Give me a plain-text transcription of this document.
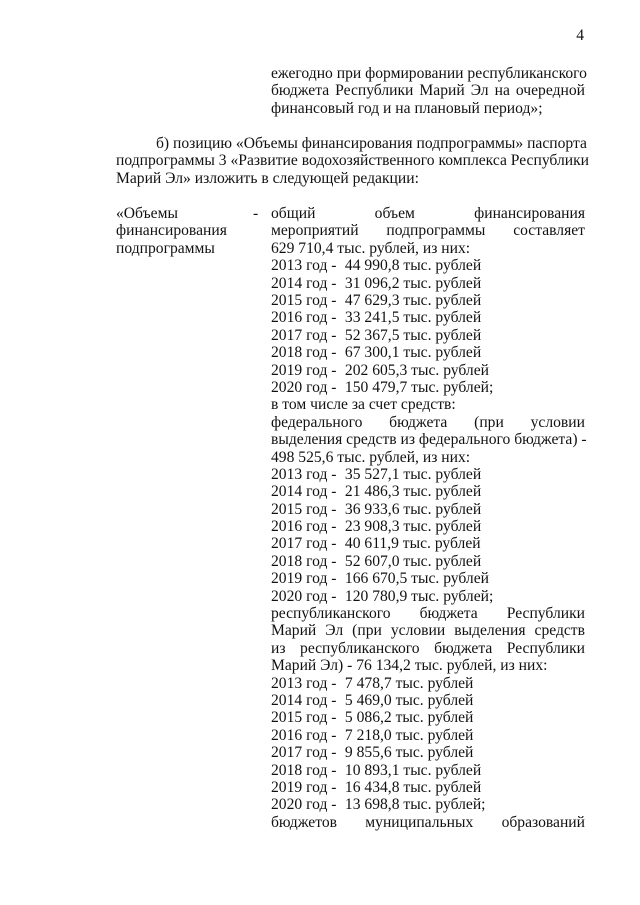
4
ежегодно при формировании республиканского
бюджета Республики Марий Эл на очередной
финансовый год и на плановый период»;
б) позицию «Объемы финансирования подпрограммы» паспорта
подпрограммы 3 «Развитие водохозяйственного комплекса Республики
Марий Эл» изложить в следующей редакции:
«Объемы
финансирования
подпрограммы
- общий объем финансирования
мероприятий подпрограммы составляет
629 710,4 тыс. рублей, из них:
2013 год - 44 990,8 тыс. рублей
2014 год - 31 096,2 тыс. рублей
2015 год - 47 629,3 тыс. рублей
2016 год - 33 241,5 тыс. рублей
2017 год - 52 367,5 тыс. рублей
2018 год - 67 300,1 тыс. рублей
2019 год - 202 605,3 тыс. рублей
2020 год - 150 479,7 тыс. рублей;
в том числе за счет средств:
федерального бюджета (при условии
выделения средств из федерального бюджета) -
498 525,6 тыс. рублей, из них:
2013 год - 35 527,1 тыс. рублей
2014 год - 21 486,3 тыс. рублей
2015 год - 36 933,6 тыс. рублей
2016 год - 23 908,3 тыс. рублей
2017 год - 40 611,9 тыс. рублей
2018 год - 52 607,0 тыс. рублей
2019 год - 166 670,5 тыс. рублей
2020 год - 120 780,9 тыс. рублей;
республиканского бюджета Республики
Марий Эл (при условии выделения средств
из республиканского бюджета Республики
Марий Эл) - 76 134,2 тыс. рублей, из них:
2013 год - 7 478,7 тыс. рублей
2014 год - 5 469,0 тыс. рублей
2015 год - 5 086,2 тыс. рублей
2016 год - 7 218,0 тыс. рублей
2017 год - 9 855,6 тыс. рублей
2018 год - 10 893,1 тыс. рублей
2019 год - 16 434,8 тыс. рублей
2020 год - 13 698,8 тыс. рублей;
бюджетов муниципальных образований
